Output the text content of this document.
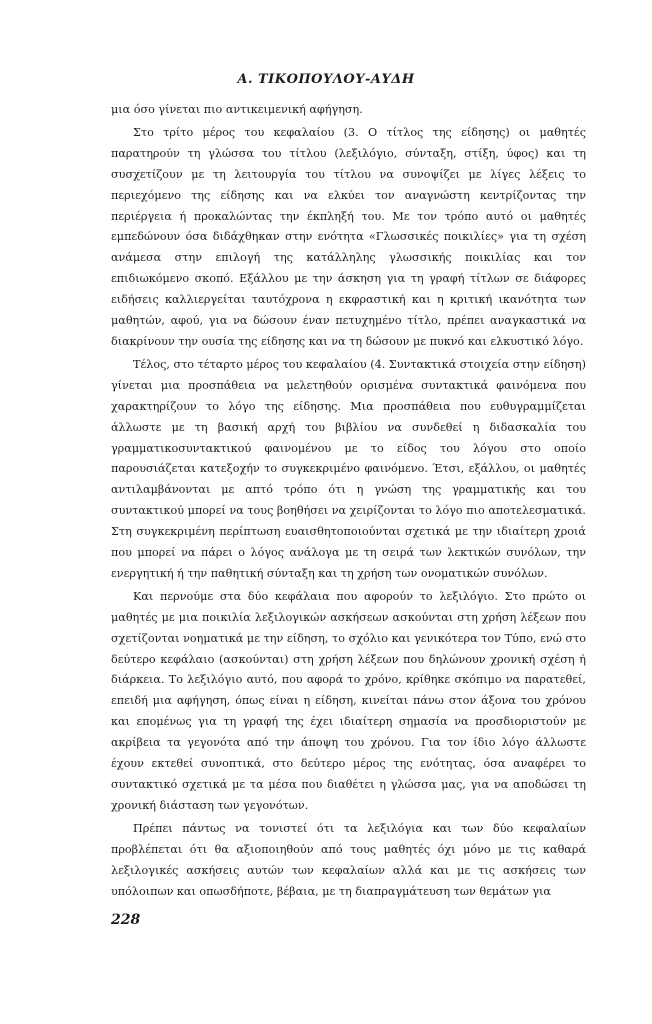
Α. ΤΙΚΟΠΟΥΛΟΥ-ΑΥΔΗ

μια όσο γίνεται πιο αντικειμενική αφήγηση.

Στο τρίτο μέρος του κεφαλαίου (3. Ο τίτλος της είδησης) οι μαθητές παρατηρούν τη γλώσσα του τίτλου (λεξιλόγιο, σύνταξη, στίξη, ύφος) και τη συσχετίζουν με τη λειτουργία του τίτλου να συνοψίζει με λίγες λέξεις το περιεχόμενο της είδησης και να ελκύει τον αναγνώστη κεντρίζοντας την περιέργεια ή προκαλώντας την έκπληξή του. Με τον τρόπο αυτό οι μαθητές εμπεδώνουν όσα διδάχθηκαν στην ενότητα «Γλωσσικές ποικιλίες» για τη σχέση ανάμεσα στην επιλογή της κατάλληλης γλωσσικής ποικιλίας και τον επιδιωκόμενο σκοπό. Εξάλλου με την άσκηση για τη γραφή τίτλων σε διάφορες ειδήσεις καλλιεργείται ταυτόχρονα η εκφραστική και η κριτική ικανότητα των μαθητών, αφού, για να δώσουν έναν πετυχημένο τίτλο, πρέπει αναγκαστικά να διακρίνουν την ουσία της είδησης και να τη δώσουν με πυκνό και ελκυστικό λόγο.

Τέλος, στο τέταρτο μέρος του κεφαλαίου (4. Συντακτικά στοιχεία στην είδηση) γίνεται μια προσπάθεια να μελετηθούν ορισμένα συντακτικά φαινόμενα που χαρακτηρίζουν το λόγο της είδησης. Μια προσπάθεια που ευθυγραμμίζεται άλλωστε με τη βασική αρχή του βιβλίου να συνδεθεί η διδασκαλία του γραμματικοσυντακτικού φαινομένου με το είδος του λόγου στο οποίο παρουσιάζεται κατεξοχήν το συγκεκριμένο φαινόμενο. Έτσι, εξάλλου, οι μαθητές αντιλαμβάνονται με απτό τρόπο ότι η γνώση της γραμματικής και του συντακτικού μπορεί να τους βοηθήσει να χειρίζονται το λόγο πιο αποτελεσματικά. Στη συγκεκριμένη περίπτωση ευαισθητοποιούνται σχετικά με την ιδιαίτερη χροιά που μπορεί να πάρει ο λόγος ανάλογα με τη σειρά των λεκτικών συνόλων, την ενεργητική ή την παθητική σύνταξη και τη χρήση των ονοματικών συνόλων.

Και περνούμε στα δύο κεφάλαια που αφορούν το λεξιλόγιο. Στο πρώτο οι μαθητές με μια ποικιλία λεξιλογικών ασκήσεων ασκούνται στη χρήση λέξεων που σχετίζονται νοηματικά με την είδηση, το σχόλιο και γενικότερα τον Τύπο, ενώ στο δεύτερο κεφάλαιο (ασκούνται) στη χρήση λέξεων που δηλώνουν χρονική σχέση ή διάρκεια. Το λεξιλόγιο αυτό, που αφορά το χρόνο, κρίθηκε σκόπιμο να παρατεθεί, επειδή μια αφήγηση, όπως είναι η είδηση, κινείται πάνω στον άξονα του χρόνου και επομένως για τη γραφή της έχει ιδιαίτερη σημασία να προσδιοριστούν με ακρίβεια τα γεγονότα από την άποψη του χρόνου. Για τον ίδιο λόγο άλλωστε έχουν εκτεθεί συνοπτικά, στο δεύτερο μέρος της ενότητας, όσα αναφέρει το συντακτικό σχετικά με τα μέσα που διαθέτει η γλώσσα μας, για να αποδώσει τη χρονική διάσταση των γεγονότων.

Πρέπει πάντως να τονιστεί ότι τα λεξιλόγια και των δύο κεφαλαίων προβλέπεται ότι θα αξιοποιηθούν από τους μαθητές όχι μόνο με τις καθαρά λεξιλογικές ασκήσεις αυτών των κεφαλαίων αλλά και με τις ασκήσεις των υπόλοιπων και οπωσδήποτε, βέβαια, με τη διαπραγμάτευση των θεμάτων για

228
